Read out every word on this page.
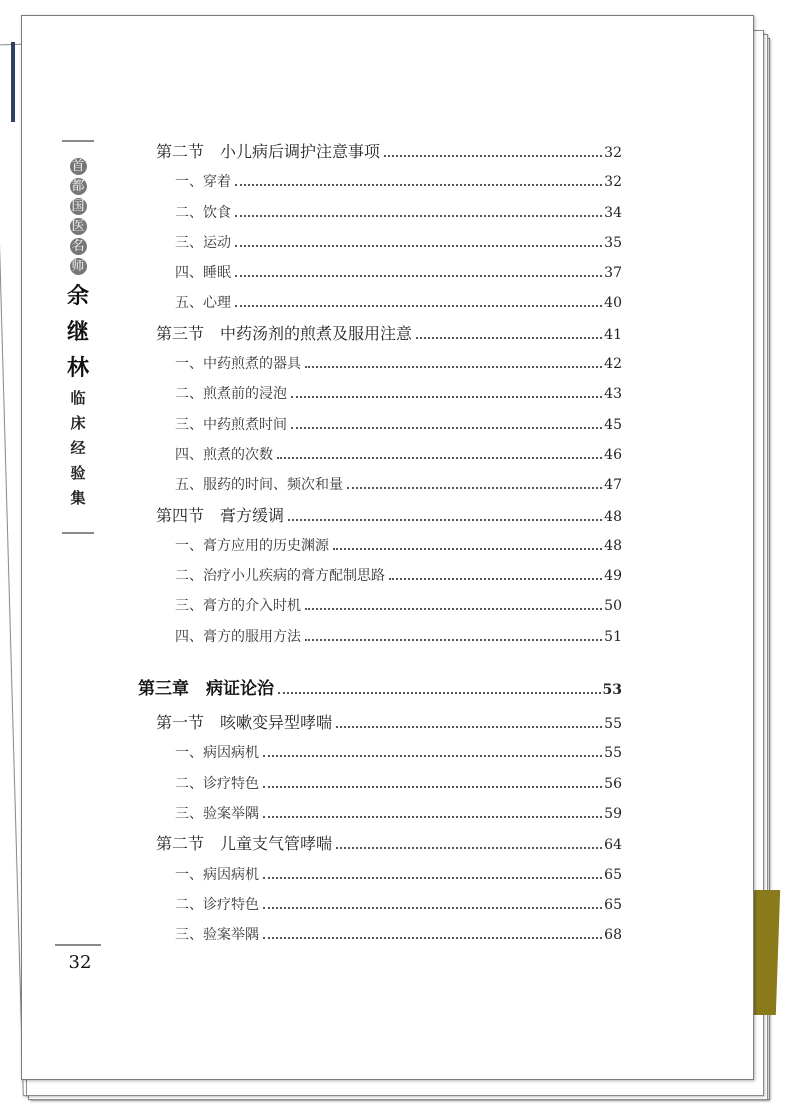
首
都
国
医
名
师
余
继
林
临
床
经
验
集
32
第二节　小儿病后调护注意事项	32
一、穿着	32
二、饮食	34
三、运动	35
四、睡眠	37
五、心理	40
第三节　中药汤剂的煎煮及服用注意	41
一、中药煎煮的器具	42
二、煎煮前的浸泡	43
三、中药煎煮时间	45
四、煎煮的次数	46
五、服药的时间、频次和量	47
第四节　膏方缓调	48
一、膏方应用的历史渊源	48
二、治疗小儿疾病的膏方配制思路	49
三、膏方的介入时机	50
四、膏方的服用方法	51
第三章　病证论治	53
第一节　咳嗽变异型哮喘	55
一、病因病机	55
二、诊疗特色	56
三、验案举隅	59
第二节　儿童支气管哮喘	64
一、病因病机	65
二、诊疗特色	65
三、验案举隅	68
